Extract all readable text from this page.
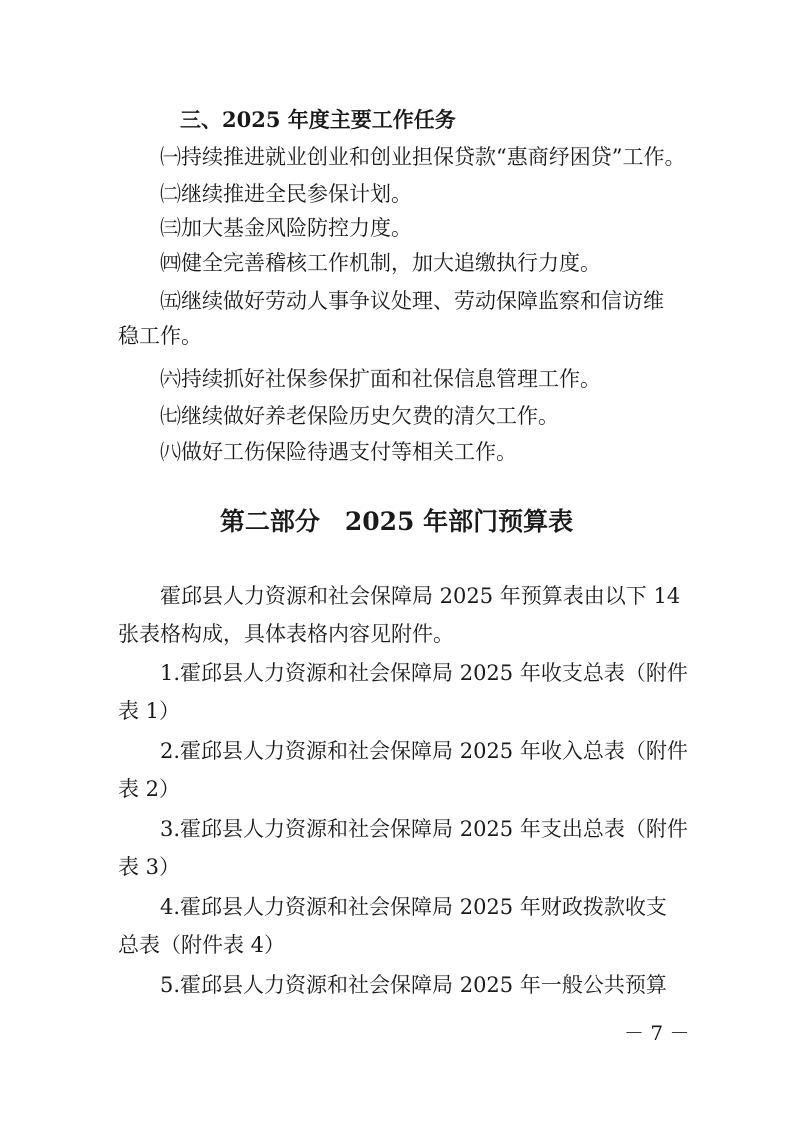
三、2025 年度主要工作任务
㈠持续推进就业创业和创业担保贷款“惠商纾困贷”工作。
㈡继续推进全民参保计划。
㈢加大基金风险防控力度。
㈣健全完善稽核工作机制，加大追缴执行力度。
㈤继续做好劳动人事争议处理、劳动保障监察和信访维
稳工作。
㈥持续抓好社保参保扩面和社保信息管理工作。
㈦继续做好养老保险历史欠费的清欠工作。
㈧做好工伤保险待遇支付等相关工作。
第二部分　2025 年部门预算表
霍邱县人力资源和社会保障局 2025 年预算表由以下 14
张表格构成，具体表格内容见附件。
1.霍邱县人力资源和社会保障局 2025 年收支总表（附件
表 1）
2.霍邱县人力资源和社会保障局 2025 年收入总表（附件
表 2）
3.霍邱县人力资源和社会保障局 2025 年支出总表（附件
表 3）
4.霍邱县人力资源和社会保障局 2025 年财政拨款收支
总表（附件表 4）
5.霍邱县人力资源和社会保障局 2025 年一般公共预算
－ 7 －
